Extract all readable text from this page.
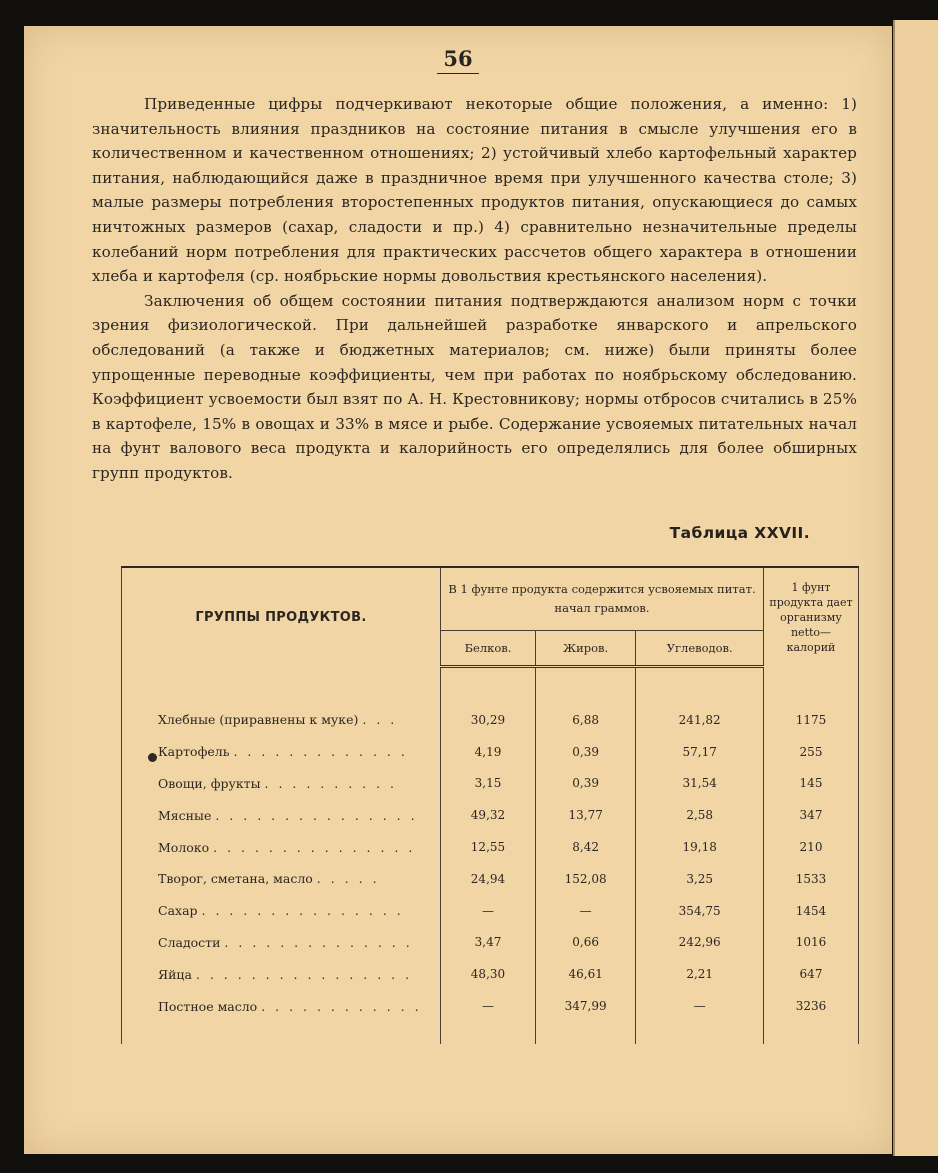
56

Приведенные цифры подчеркивают некоторые общие положения, а именно: 1) значительность влияния праздников на состояние питания в смысле улучшения его в количественном и качественном отношениях; 2) устойчивый хлебо картофельный характер питания, наблюдающийся даже в праздничное время при улучшенного качества столе; 3) малые размеры потребления второстепенных продуктов питания, опускающиеся до самых ничтожных размеров (сахар, сладости и пр.) 4) сравнительно незначительные пределы колебаний норм потребления для практических рассчетов общего характера в отношении хлеба и картофеля (ср. ноябрьские нормы довольствия крестьянского населения).

Заключения об общем состоянии питания подтверждаются анализом норм с точки зрения физиологической. При дальнейшей разработке январского и апрельского обследований (а также и бюджетных материалов; см. ниже) были приняты более упрощенные переводные коэффициенты, чем при работах по ноябрьскому обследованию. Коэффициент усвоемости был взят по А. Н. Крестовникову; нормы отбросов считались в 25% в картофеле, 15% в овощах и 33% в мясе и рыбе. Содержание усвояемых питательных начал на фунт валового веса продукта и калорийность его определялись для более обширных групп продуктов.

Таблица XXVII.
ГРУППЫ ПРОДУКТОВ.	В 1 фунте продукта содержится усвояемых питат. начал граммов.			1 фунт продукта дает организму netto—калорий
	Белков.	Жиров.	Углеводов.	

Хлебные (приравнены к муке) . . .	30,29	6,88	241,82	1175
Картофель . . . . . . . . . . . . .	4,19	0,39	57,17	255
Овощи, фрукты . . . . . . . . . .	3,15	0,39	31,54	145
Мясные . . . . . . . . . . . . . . .	49,32	13,77	2,58	347
Молоко . . . . . . . . . . . . . . .	12,55	8,42	19,18	210
Творог, сметана, масло . . . . .	24,94	152,08	3,25	1533
Сахар . . . . . . . . . . . . . . .	—	—	354,75	1454
Сладости . . . . . . . . . . . . . .	3,47	0,66	242,96	1016
Яйца . . . . . . . . . . . . . . . .	48,30	46,61	2,21	647
Постное масло . . . . . . . . . . . .	—	347,99	—	3236
